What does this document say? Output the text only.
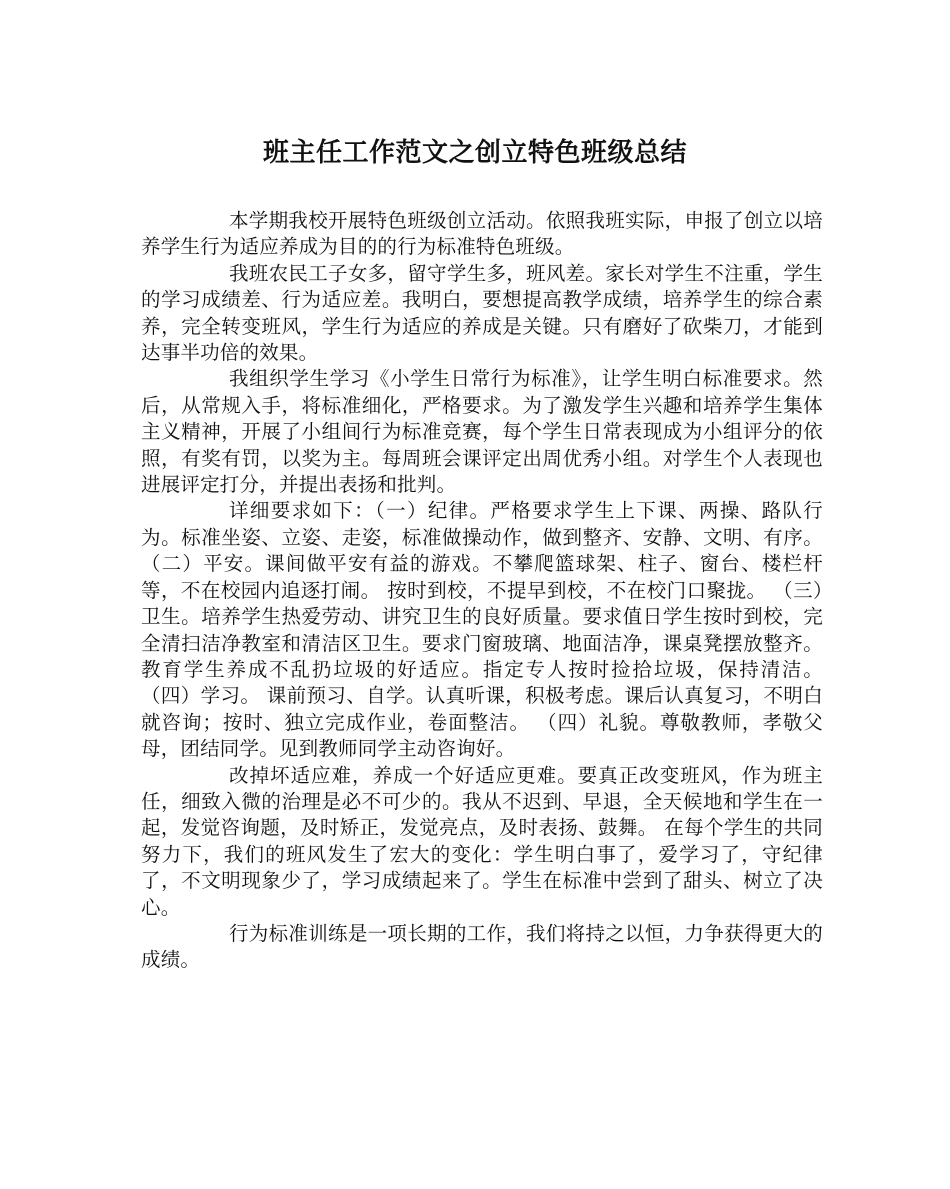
班主任工作范文之创立特色班级总结

本学期我校开展特色班级创立活动。依照我班实际，申报了创立以培养学生行为适应养成为目的的行为标准特色班级。

我班农民工子女多，留守学生多，班风差。家长对学生不注重，学生的学习成绩差、行为适应差。我明白，要想提高教学成绩，培养学生的综合素养，完全转变班风，学生行为适应的养成是关键。只有磨好了砍柴刀，才能到达事半功倍的效果。

我组织学生学习《小学生日常行为标准》，让学生明白标准要求。然后，从常规入手，将标准细化，严格要求。为了激发学生兴趣和培养学生集体主义精神，开展了小组间行为标准竞赛，每个学生日常表现成为小组评分的依照，有奖有罚，以奖为主。每周班会课评定出周优秀小组。对学生个人表现也进展评定打分，并提出表扬和批判。

详细要求如下：（一）纪律。严格要求学生上下课、两操、路队行为。标准坐姿、立姿、走姿，标准做操动作，做到整齐、安静、文明、有序。（二）平安。课间做平安有益的游戏。不攀爬篮球架、柱子、窗台、楼栏杆等，不在校园内追逐打闹。 按时到校，不提早到校，不在校门口聚拢。 （三）卫生。培养学生热爱劳动、讲究卫生的良好质量。要求值日学生按时到校，完全清扫洁净教室和清洁区卫生。要求门窗玻璃、地面洁净，课桌凳摆放整齐。教育学生养成不乱扔垃圾的好适应。指定专人按时捡拾垃圾，保持清洁。 （四）学习。 课前预习、自学。认真听课，积极考虑。课后认真复习，不明白就咨询；按时、独立完成作业，卷面整洁。 （四）礼貌。尊敬教师，孝敬父母，团结同学。见到教师同学主动咨询好。

改掉坏适应难，养成一个好适应更难。要真正改变班风，作为班主任，细致入微的治理是必不可少的。我从不迟到、早退，全天候地和学生在一起，发觉咨询题，及时矫正，发觉亮点，及时表扬、鼓舞。 在每个学生的共同努力下，我们的班风发生了宏大的变化：学生明白事了，爱学习了，守纪律了，不文明现象少了，学习成绩起来了。学生在标准中尝到了甜头、树立了决心。

行为标准训练是一项长期的工作，我们将持之以恒，力争获得更大的成绩。
